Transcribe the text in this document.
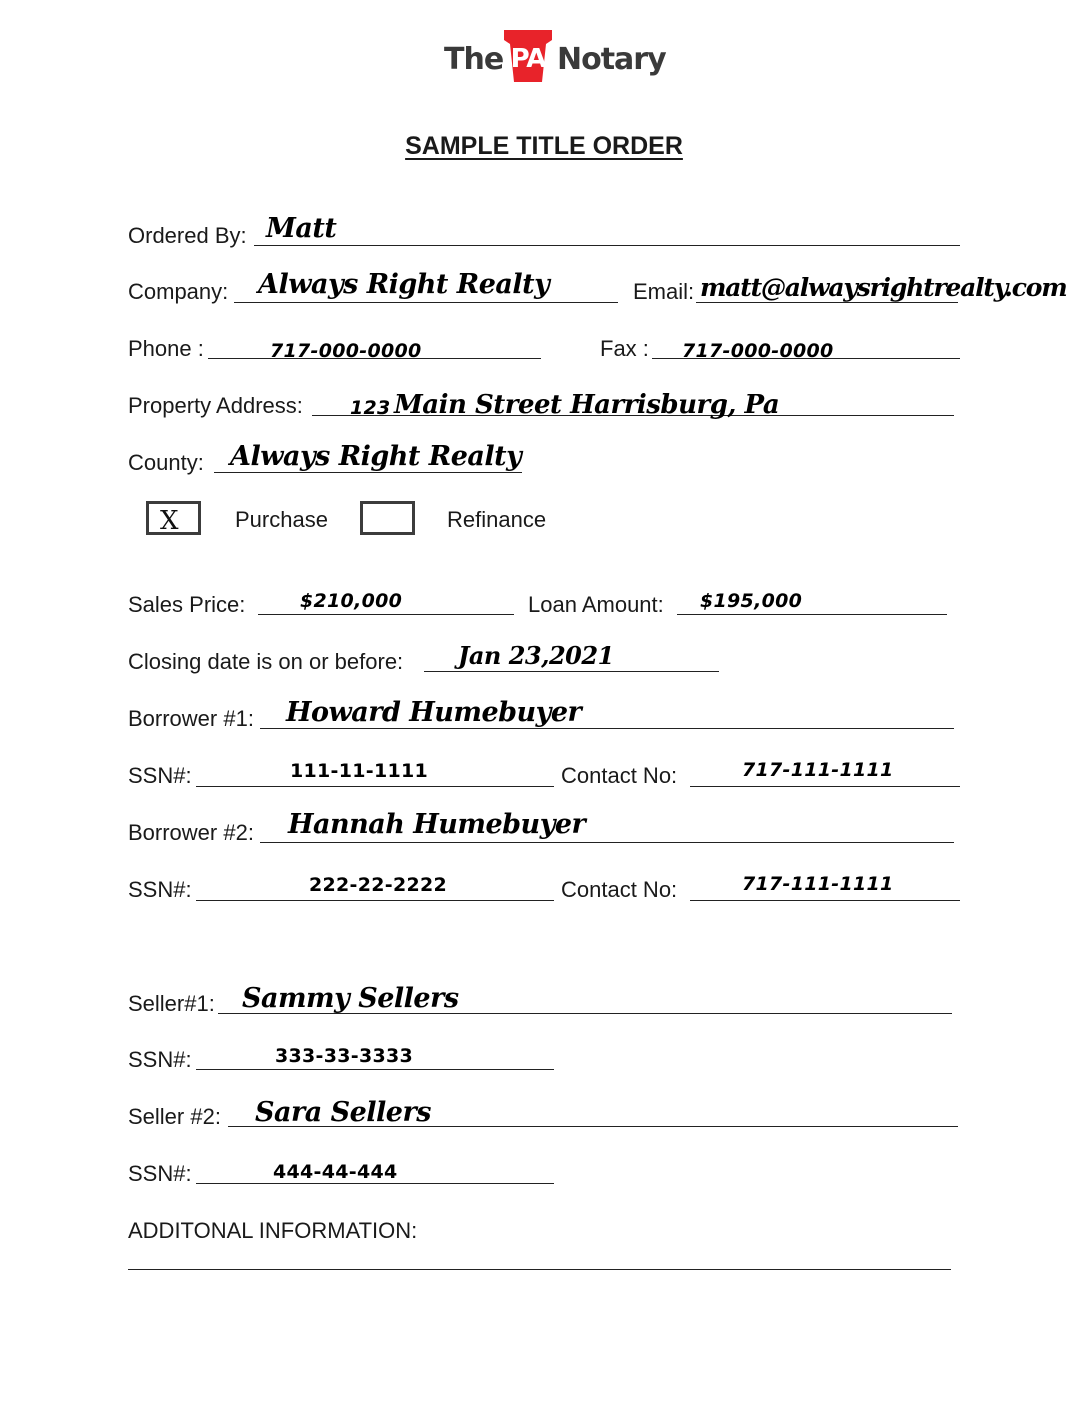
The PA Notary
SAMPLE TITLE ORDER
Ordered By: Matt
Company: Always Right Realty	Email: matt@alwaysrightrealty.com
Phone :	717-000-0000	Fax : 717-000-0000
Property Address: 123 Main Street Harrisburg, Pa
County: Always Right Realty
X	Purchase	Refinance
Sales Price:	$210,000	Loan Amount: $195,000
Closing date is on or before: Jan 23,2021
Borrower #1: Howard Humebuyer
SSN#:	111-11-1111	Contact No:	717-111-1111
Borrower #2: Hannah Humebuyer
SSN#:	222-22-2222	Contact No:	717-111-1111
Seller#1: Sammy Sellers
SSN#:	333-33-3333
Seller #2: Sara Sellers
SSN#:	444-44-444
ADDITONAL INFORMATION:
